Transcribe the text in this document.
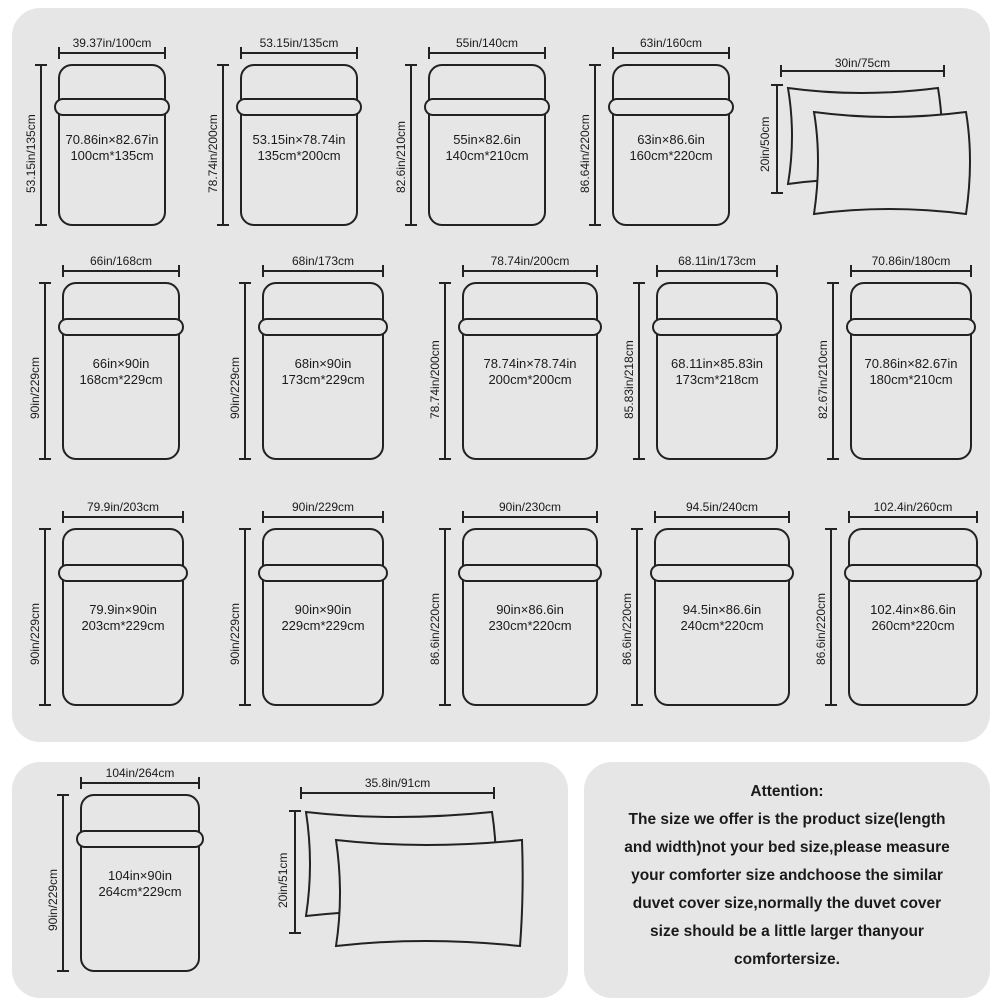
39.37in/100cm
53.15in/135cm	70.86in×82.67in
100cm*135cm
53.15in/135cm
78.74in/200cm	53.15in×78.74in
135cm*200cm
55in/140cm
82.6in/210cm	55in×82.6in
140cm*210cm
63in/160cm
86.64in/220cm	63in×86.6in
160cm*220cm
66in/168cm
90in/229cm	66in×90in
168cm*229cm
68in/173cm
90in/229cm	68in×90in
173cm*229cm
78.74in/200cm
78.74in/200cm	78.74in×78.74in
200cm*200cm
68.11in/173cm
85.83in/218cm	68.11in×85.83in
173cm*218cm
70.86in/180cm
82.67in/210cm	70.86in×82.67in
180cm*210cm
79.9in/203cm
90in/229cm	79.9in×90in
203cm*229cm
90in/229cm
90in/229cm	90in×90in
229cm*229cm
90in/230cm
86.6in/220cm	90in×86.6in
230cm*220cm
94.5in/240cm
86.6in/220cm	94.5in×86.6in
240cm*220cm
102.4in/260cm
86.6in/220cm	102.4in×86.6in
260cm*220cm
104in/264cm
90in/229cm	104in×90in
264cm*229cm
30in/75cm
20in/50cm
35.8in/91cm
20in/51cm
Attention:
The size we offer is the product size(length
and width)not your bed size,please measure
your comforter size andchoose the similar
duvet cover size,normally the duvet cover
size should be a little larger thanyour
comfortersize.
